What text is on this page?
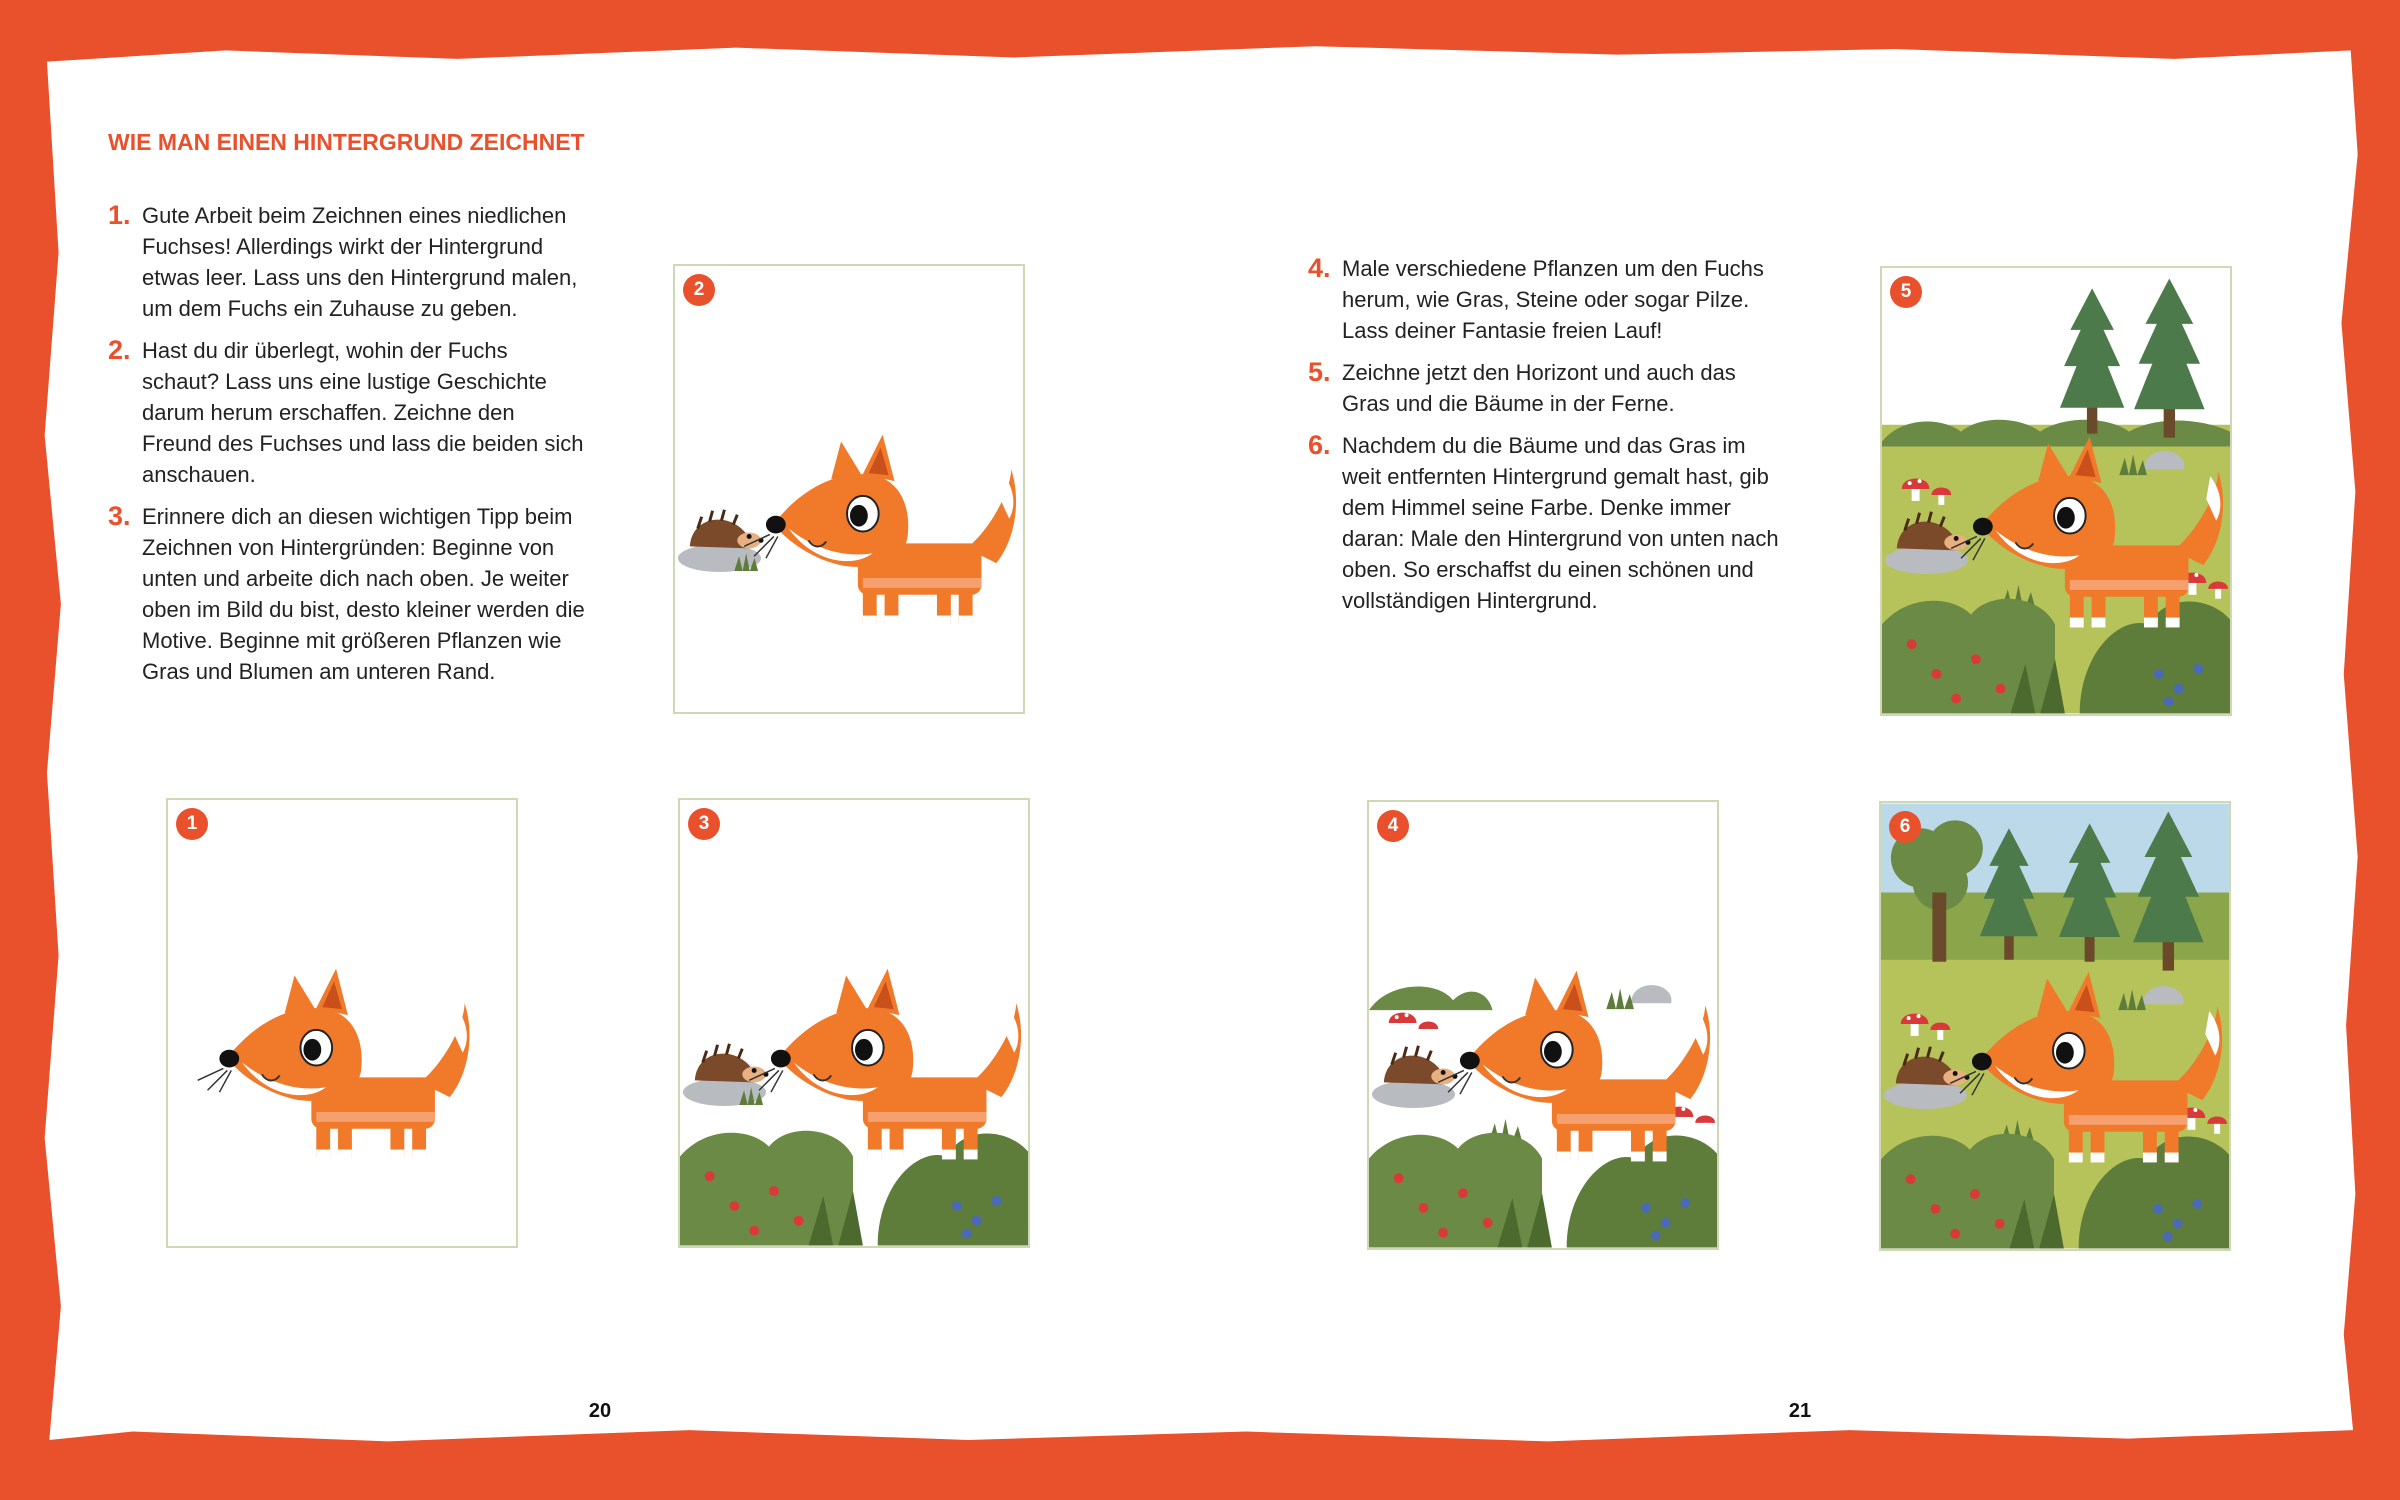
WIE MAN EINEN HINTERGRUND ZEICHNET
1. Gute Arbeit beim Zeichnen eines niedlichen Fuchses! Allerdings wirkt der Hintergrund etwas leer. Lass uns den Hintergrund malen, um dem Fuchs ein Zuhause zu geben.
2. Hast du dir überlegt, wohin der Fuchs schaut? Lass uns eine lustige Geschichte darum herum erschaffen. Zeichne den Freund des Fuchses und lass die beiden sich anschauen.
3. Erinnere dich an diesen wichtigen Tipp beim Zeichnen von Hintergründen: Beginne von unten und arbeite dich nach oben. Je weiter oben im Bild du bist, desto kleiner werden die Motive. Beginne mit größeren Pflanzen wie Gras und Blumen am unteren Rand.
4. Male verschiedene Pflanzen um den Fuchs herum, wie Gras, Steine oder sogar Pilze. Lass deiner Fantasie freien Lauf!
5. Zeichne jetzt den Horizont und auch das Gras und die Bäume in der Ferne.
6. Nachdem du die Bäume und das Gras im weit entfernten Hintergrund gemalt hast, gib dem Himmel seine Farbe. Denke immer daran: Male den Hintergrund von unten nach oben. So erschaffst du einen schönen und vollständigen Hintergrund.
1
2
3	4
5
6
20	21
